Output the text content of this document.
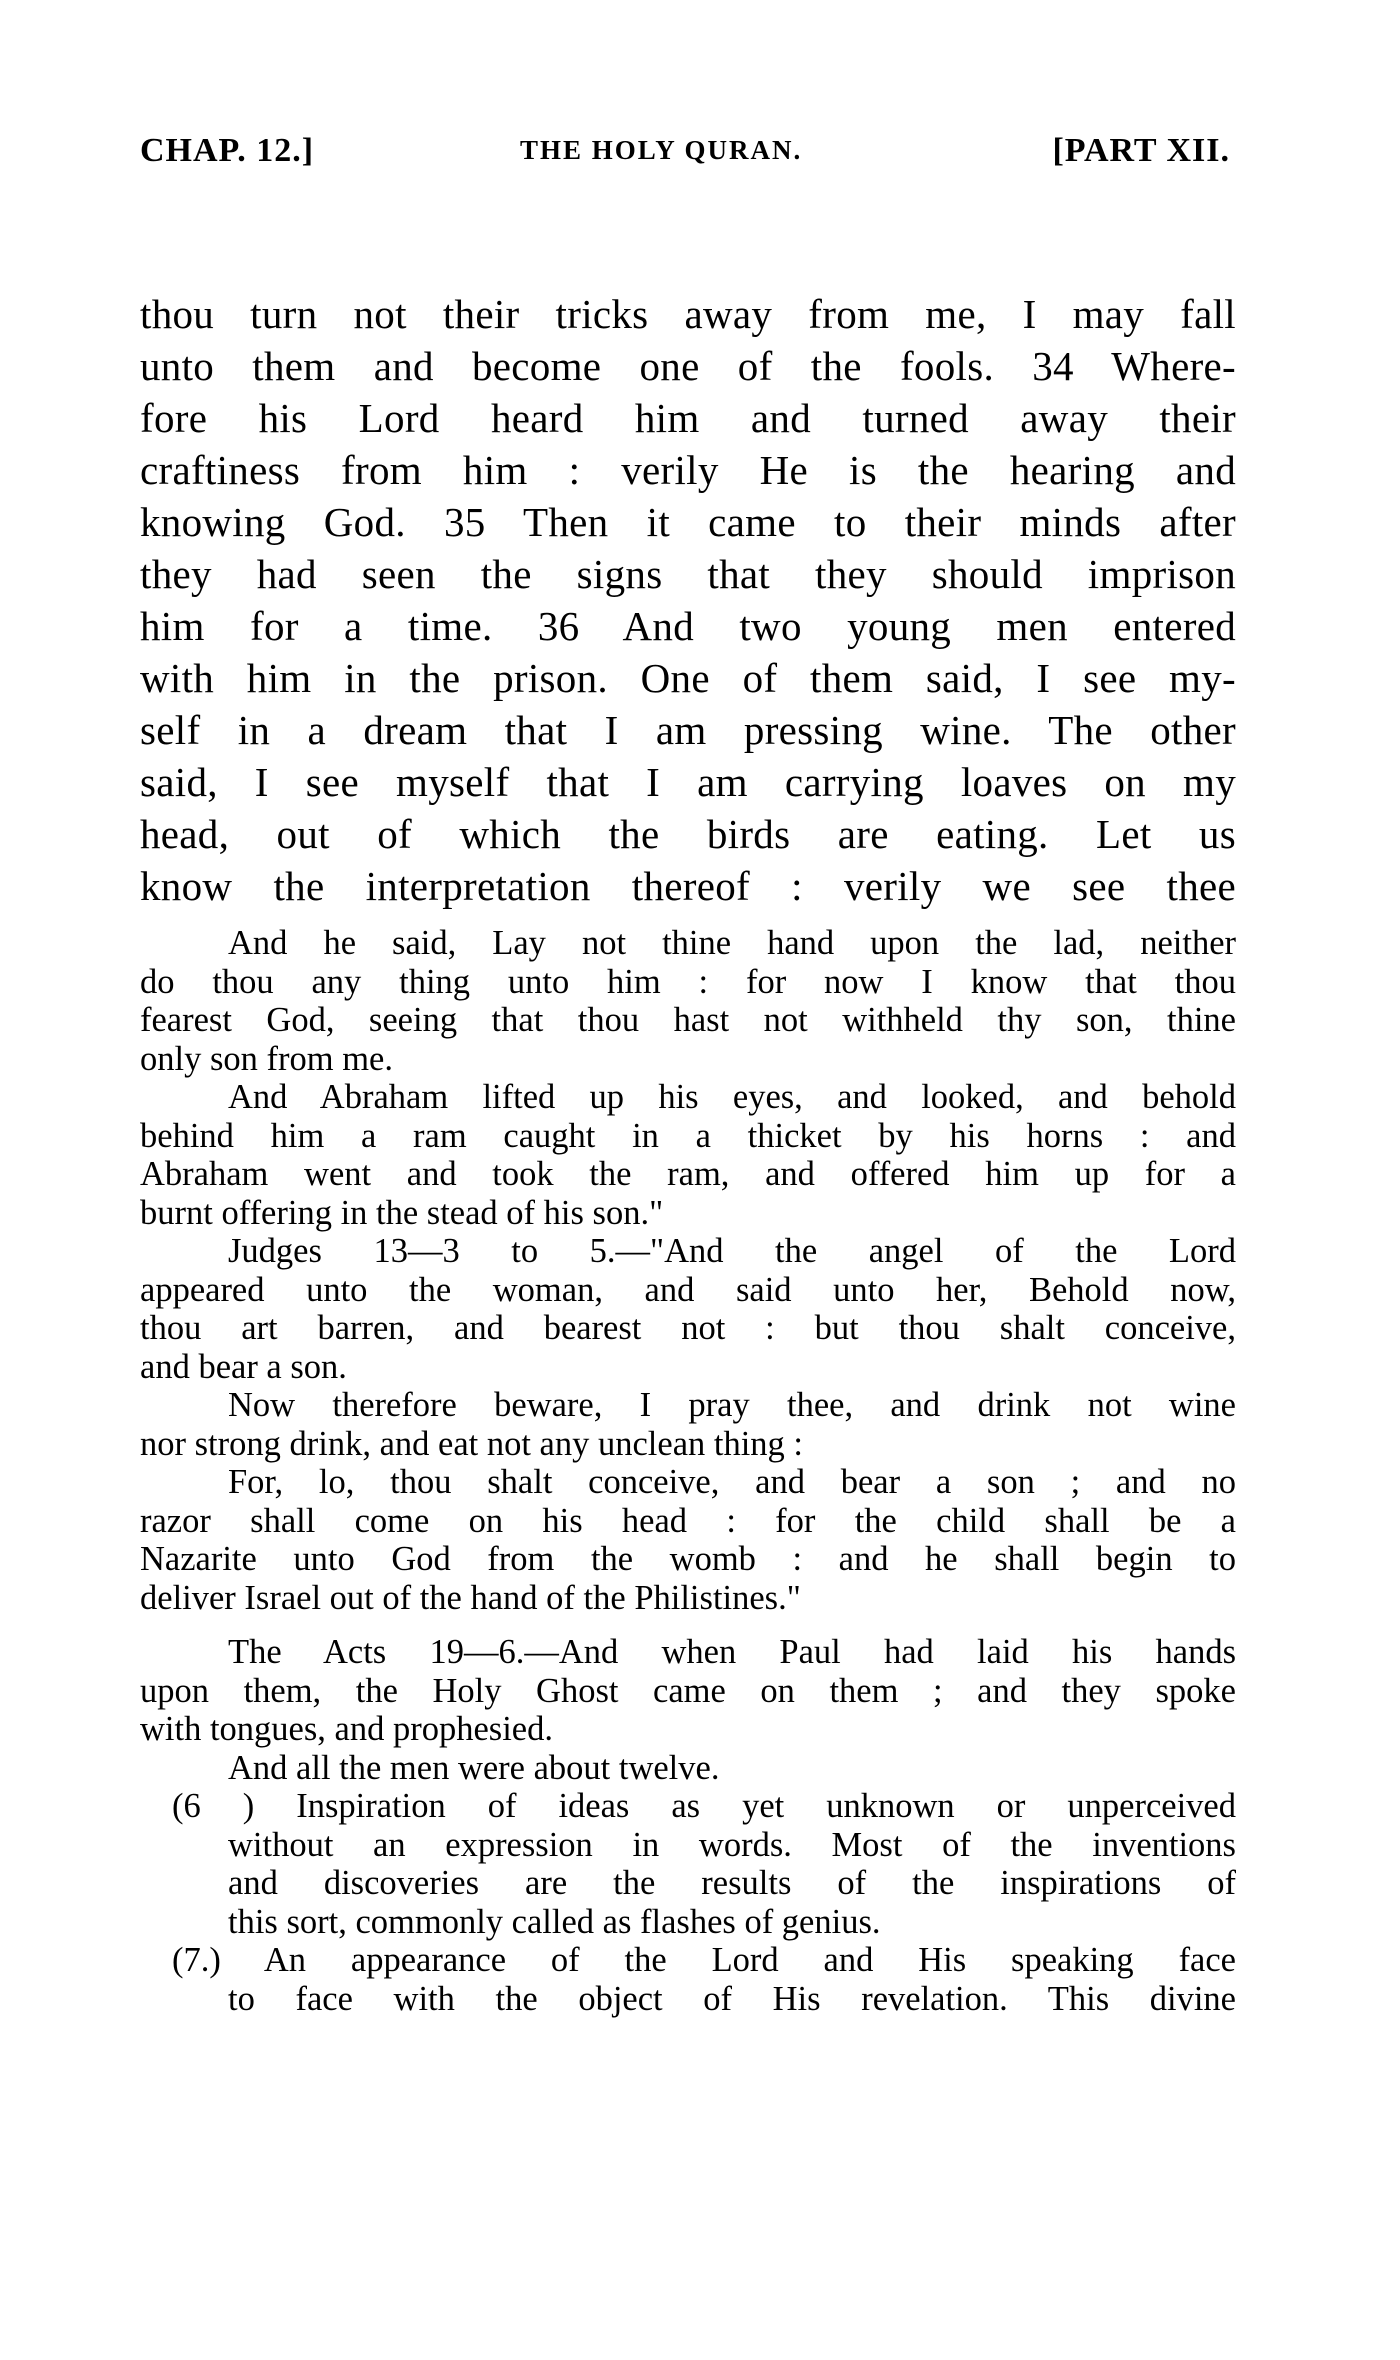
CHAP. 12.]	THE HOLY QURAN.	[PART XII.
thou turn not their tricks away from me, I may fall
unto them and become one of the fools. 34 Where-
fore his Lord heard him and turned away their
craftiness from him : verily He is the hearing and
knowing God. 35 Then it came to their minds after
they had seen the signs that they should imprison
him for a time. 36 And two young men entered
with him in the prison. One of them said, I see my-
self in a dream that I am pressing wine. The other
said, I see myself that I am carrying loaves on my
head, out of which the birds are eating. Let us
know the interpretation thereof : verily we see thee
And he said, Lay not thine hand upon the lad, neither
do thou any thing unto him : for now I know that thou
fearest God, seeing that thou hast not withheld thy son, thine
only son from me.
And Abraham lifted up his eyes, and looked, and behold
behind him a ram caught in a thicket by his horns : and
Abraham went and took the ram, and offered him up for a
burnt offering in the stead of his son."
Judges 13—3 to 5.—"And the angel of the Lord
appeared unto the woman, and said unto her, Behold now,
thou art barren, and bearest not : but thou shalt conceive,
and bear a son.
Now therefore beware, I pray thee, and drink not wine
nor strong drink, and eat not any unclean thing :
For, lo, thou shalt conceive, and bear a son ; and no
razor shall come on his head : for the child shall be a
Nazarite unto God from the womb : and he shall begin to
deliver Israel out of the hand of the Philistines."
The Acts 19—6.—And when Paul had laid his hands
upon them, the Holy Ghost came on them ; and they spoke
with tongues, and prophesied.
And all the men were about twelve.
(6 ) Inspiration of ideas as yet unknown or unperceived
without an expression in words. Most of the inventions
and discoveries are the results of the inspirations of
this sort, commonly called as flashes of genius.
(7.) An appearance of the Lord and His speaking face
to face with the object of His revelation. This divine
